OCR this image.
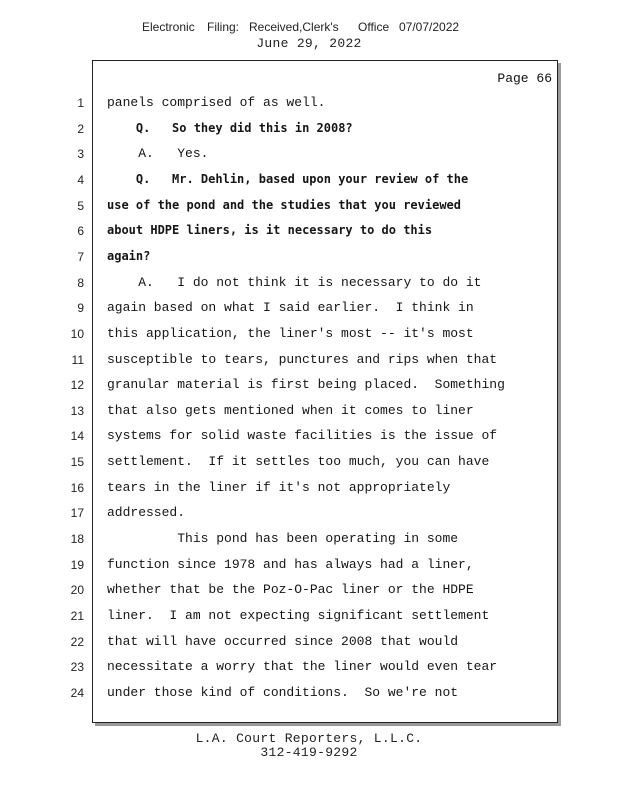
Electronic Filing: Received,Clerk's Office 07/07/2022
June 29, 2022
Page 66
1 panels comprised of as well.
2 Q.   So they did this in 2008?
3 A.   Yes.
4 Q.   Mr. Dehlin, based upon your review of the
5 use of the pond and the studies that you reviewed
6 about HDPE liners, is it necessary to do this
7 again?
8 A.   I do not think it is necessary to do it
9 again based on what I said earlier.  I think in
10 this application, the liner's most -- it's most
11 susceptible to tears, punctures and rips when that
12 granular material is first being placed.  Something
13 that also gets mentioned when it comes to liner
14 systems for solid waste facilities is the issue of
15 settlement.  If it settles too much, you can have
16 tears in the liner if it's not appropriately
17 addressed.
18 This pond has been operating in some
19 function since 1978 and has always had a liner,
20 whether that be the Poz-O-Pac liner or the HDPE
21 liner.  I am not expecting significant settlement
22 that will have occurred since 2008 that would
23 necessitate a worry that the liner would even tear
24 under those kind of conditions.  So we're not
L.A. Court Reporters, L.L.C.
312-419-9292
